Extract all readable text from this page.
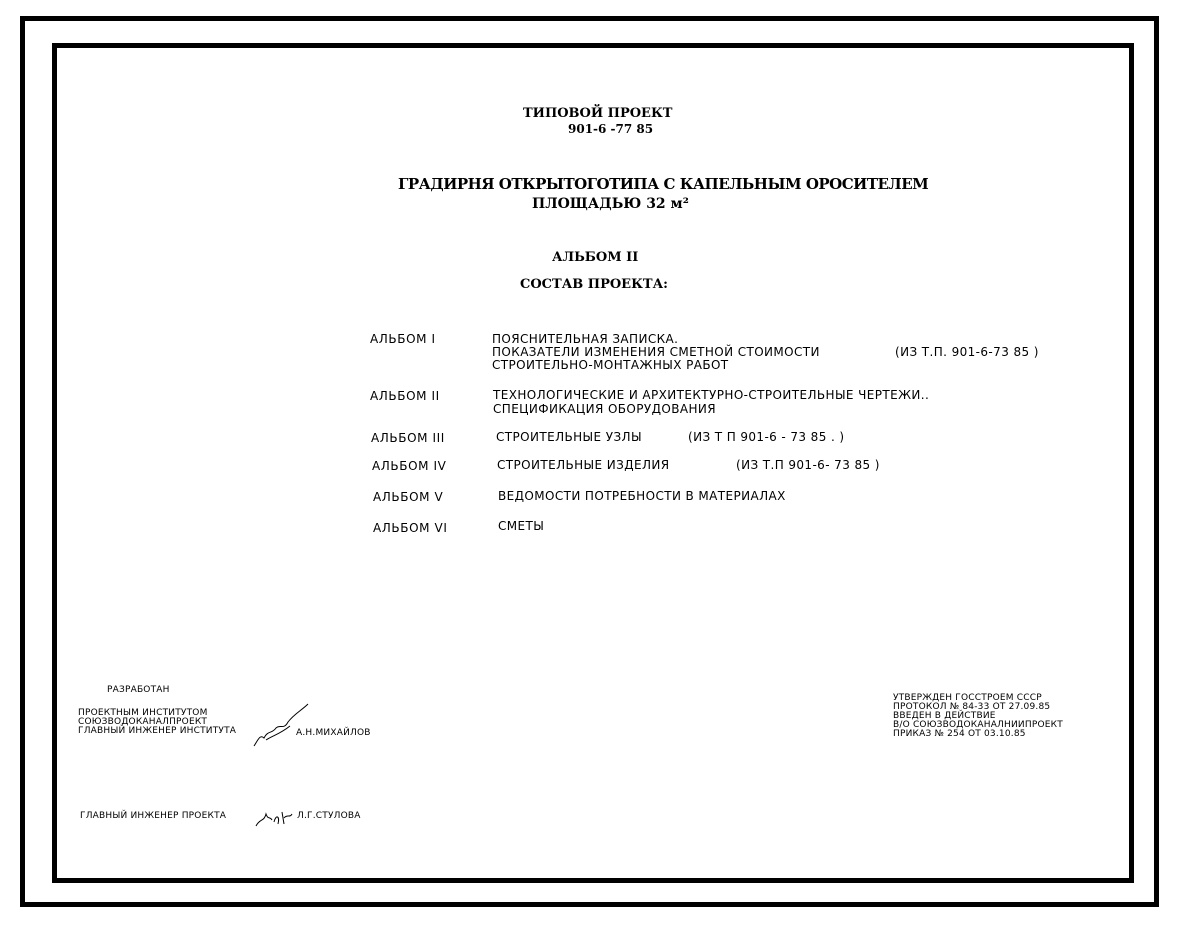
ТИПОВОЙ ПРОЕКТ
901-6 -77 85
ГРАДИРНЯ ОТКРЫТОГОТИПА С КАПЕЛЬНЫМ ОРОСИТЕЛЕМ
ПЛОЩАДЬЮ 32 м²
АЛЬБОМ II
СОСТАВ ПРОЕКТА:
АЛЬБОМ I	ПОЯСНИТЕЛЬНАЯ ЗАПИСКА.
ПОКАЗАТЕЛИ ИЗМЕНЕНИЯ СМЕТНОЙ СТОИМОСТИ
СТРОИТЕЛЬНО-МОНТАЖНЫХ РАБОТ
(ИЗ Т.П. 901-6-73 85 )
АЛЬБОМ II	ТЕХНОЛОГИЧЕСКИЕ И АРХИТЕКТУРНО-СТРОИТЕЛЬНЫЕ ЧЕРТЕЖИ..
СПЕЦИФИКАЦИЯ ОБОРУДОВАНИЯ
АЛЬБОМ III	СТРОИТЕЛЬНЫЕ УЗЛЫ	(ИЗ Т П 901-6 - 73 85 . )
АЛЬБОМ IV	СТРОИТЕЛЬНЫЕ ИЗДЕЛИЯ	(ИЗ Т.П 901-6- 73 85 )
АЛЬБОМ V	ВЕДОМОСТИ ПОТРЕБНОСТИ В МАТЕРИАЛАХ
АЛЬБОМ VI	СМЕТЫ
РАЗРАБОТАН
ПРОЕКТНЫМ ИНСТИТУТОМ
СОЮЗВОДОКАНАЛПРОЕКТ
ГЛАВНЫЙ ИНЖЕНЕР ИНСТИТУТА	А.Н.МИХАЙЛОВ
ГЛАВНЫЙ ИНЖЕНЕР ПРОЕКТА	Л.Г.СТУЛОВА
УТВЕРЖДЕН ГОССТРОЕМ СССР
ПРОТОКОЛ № 84-33 ОТ 27.09.85
ВВЕДЕН В ДЕЙСТВИЕ
В/О СОЮЗВОДОКАНАЛНИИПРОЕКТ
ПРИКАЗ № 254 ОТ 03.10.85
